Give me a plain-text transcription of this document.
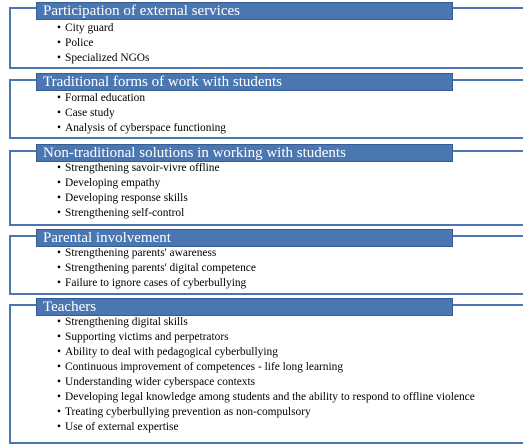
Participation of external services
• City guard
• Police
• Specialized NGOs
Traditional forms of work with students
• Formal education
• Case study
• Analysis of cyberspace functioning
Non-traditional solutions in working with students
• Strengthening savoir-vivre offline
• Developing empathy
• Developing response skills
• Strengthening self-control
Parental involvement
• Strengthening parents' awareness
• Strengthening parents' digital competence
• Failure to ignore cases of cyberbullying
Teachers
• Strengthening digital skills
• Supporting victims and perpetrators
• Ability to deal with pedagogical cyberbullying
• Continuous improvement of competences - life long learning
• Understanding wider cyberspace contexts
• Developing legal knowledge among students and the ability to respond to offline violence
• Treating cyberbullying prevention as non-compulsory
• Use of external expertise
